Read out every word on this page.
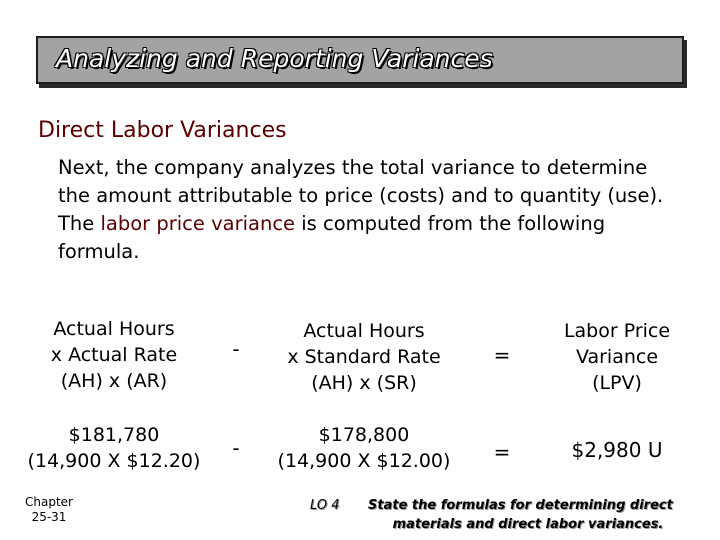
Analyzing and Reporting Variances
Direct Labor Variances
Next, the company analyzes the total variance to determine the amount attributable to price (costs) and to quantity (use). The labor price variance is computed from the following formula.
Actual Hours
x Actual Rate
(AH) x (AR)
-
Actual Hours
x Standard Rate
(AH) x (SR)
=
Labor Price
Variance
(LPV)
$181,780
(14,900 X $12.20)
-
$178,800
(14,900 X $12.00)	=	$2,980 U
Chapter
25-31
LO 4 State the formulas for determining direct
materials and direct labor variances.
